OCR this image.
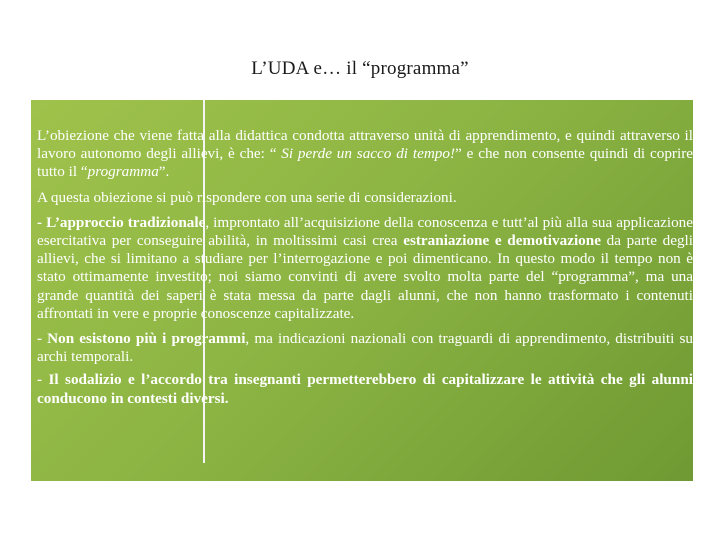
L’UDA e… il “programma”

L’obiezione che viene fatta alla didattica condotta attraverso unità di apprendimento, e quindi attraverso il lavoro autonomo degli allievi, è che: “ Si perde un sacco di tempo!” e che non consente quindi di coprire tutto il “programma”.

A questa obiezione si può rispondere con una serie di considerazioni.

- L’approccio tradizionale, improntato all’acquisizione della conoscenza e tutt’al più alla sua applicazione esercitativa per conseguire abilità, in moltissimi casi crea estraniazione e demotivazione da parte degli allievi, che si limitano a studiare per l’interrogazione e poi dimenticano. In questo modo il tempo non è stato ottimamente investito; noi siamo convinti di avere svolto molta parte del “programma”, ma una grande quantità dei saperi è stata messa da parte dagli alunni, che non hanno trasformato i contenuti affrontati in vere e proprie conoscenze capitalizzate.

- Non esistono più i programmi, ma indicazioni nazionali con traguardi di apprendimento, distribuiti su archi temporali.

- Il sodalizio e l’accordo tra insegnanti permetterebbero di capitalizzare le attività che gli alunni conducono in contesti diversi.
